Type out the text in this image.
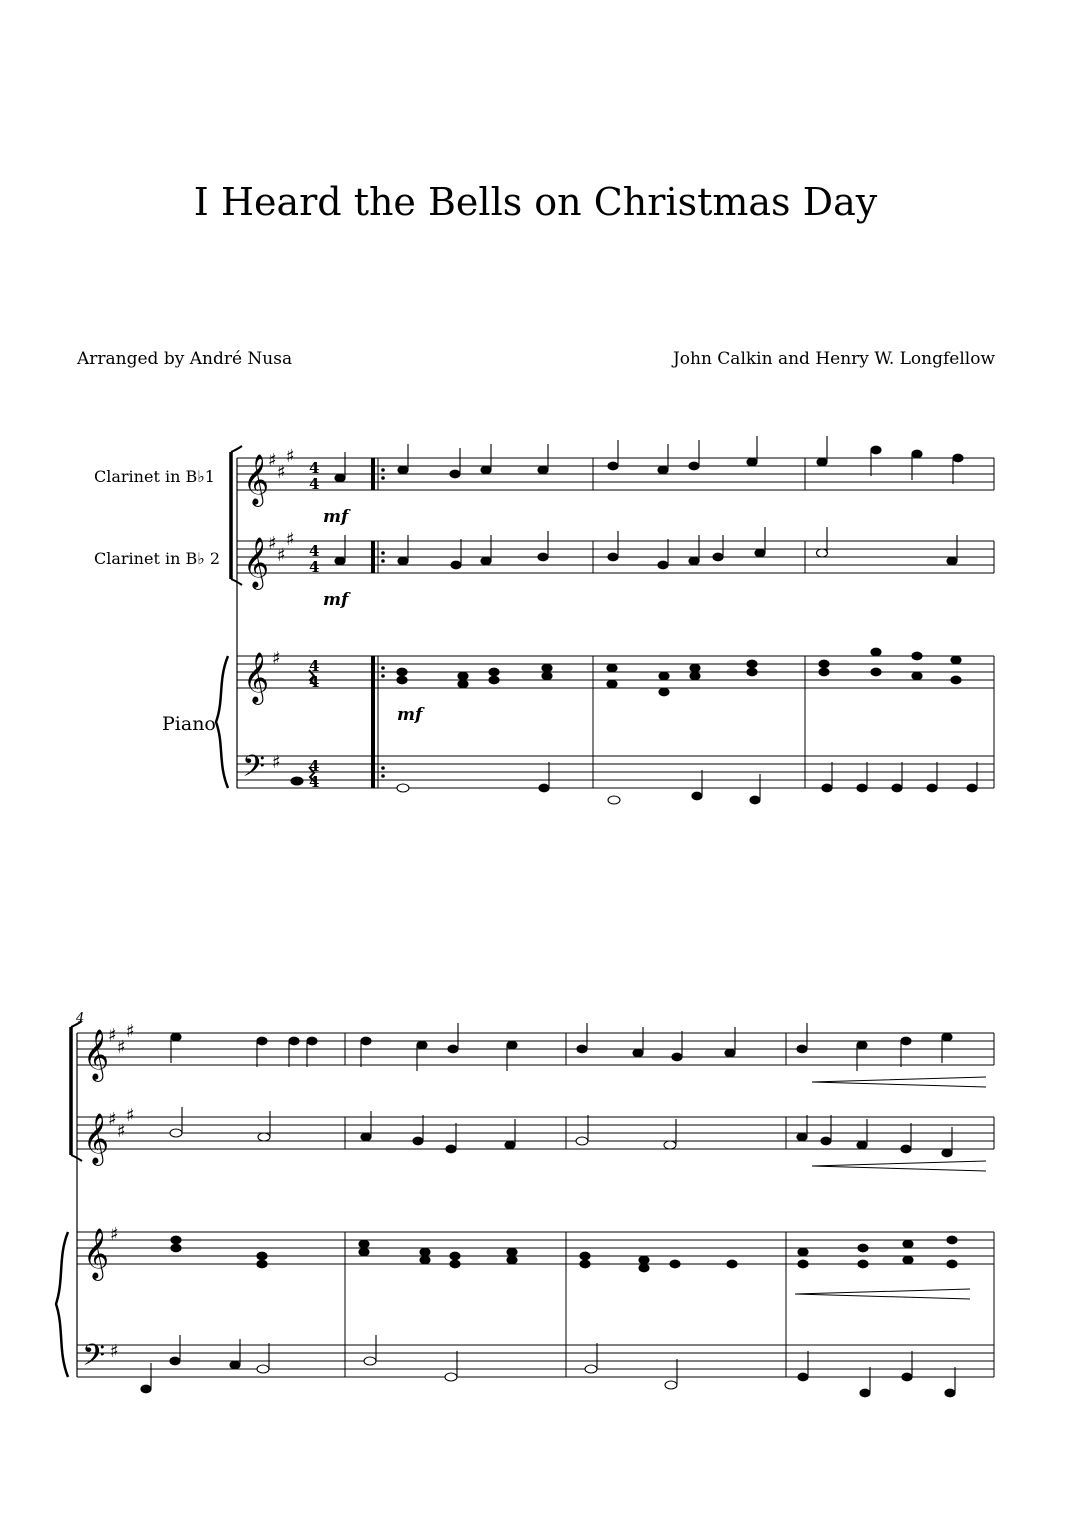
I Heard the Bells on Christmas Day
Arranged by André Nusa	John Calkin and Henry W. Longfellow
Clarinet in B♭1
Clarinet in B♭ 2
Piano
𝄞
𝄞
𝄞
𝄢
♯
♯
♯
♯
♯
♯
♯
♯
4
4
4
4
4
4
4
4
mf
mf
mf
4
𝄞
𝄞
𝄞
𝄢
♯
♯
♯
♯
♯
♯
♯
♯
